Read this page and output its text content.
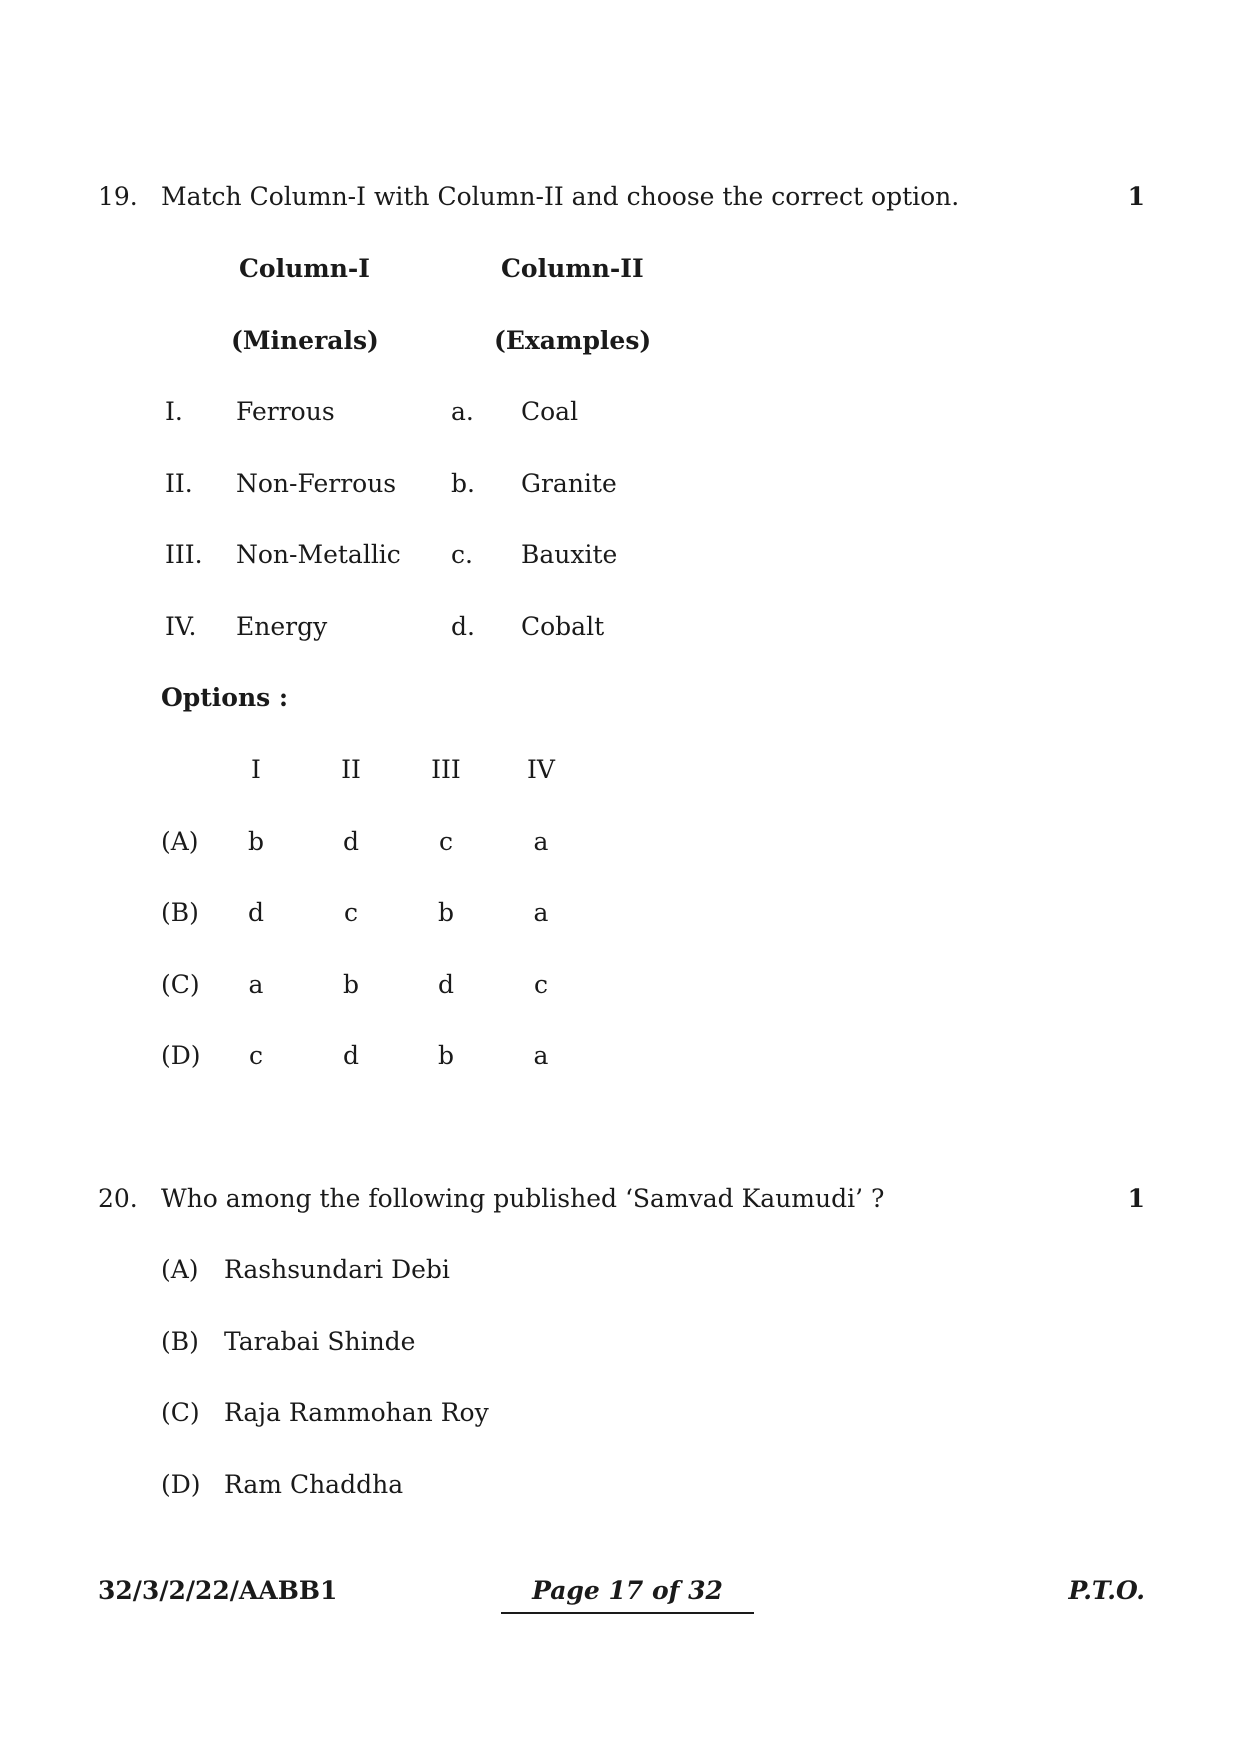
19. Match Column-I with Column-II and choose the correct option.	1
Column-I	Column-II
(Minerals)	(Examples)
I. Ferrous	a. Coal
II. Non-Ferrous b. Granite
III. Non-Metallic c. Bauxite
IV. Energy	d. Cobalt
Options :
I	II	III	IV
(A)	b	d	c	a
(B)	d	c	b	a
(C)	a	b	d	c
(D)	c	d	b	a
20. Who among the following published ‘Samvad Kaumudi’ ?	1
(A) Rashsundari Debi
(B) Tarabai Shinde
(C) Raja Rammohan Roy
(D) Ram Chaddha
32/3/2/22/AABB1	Page 17 of 32	P.T.O.
